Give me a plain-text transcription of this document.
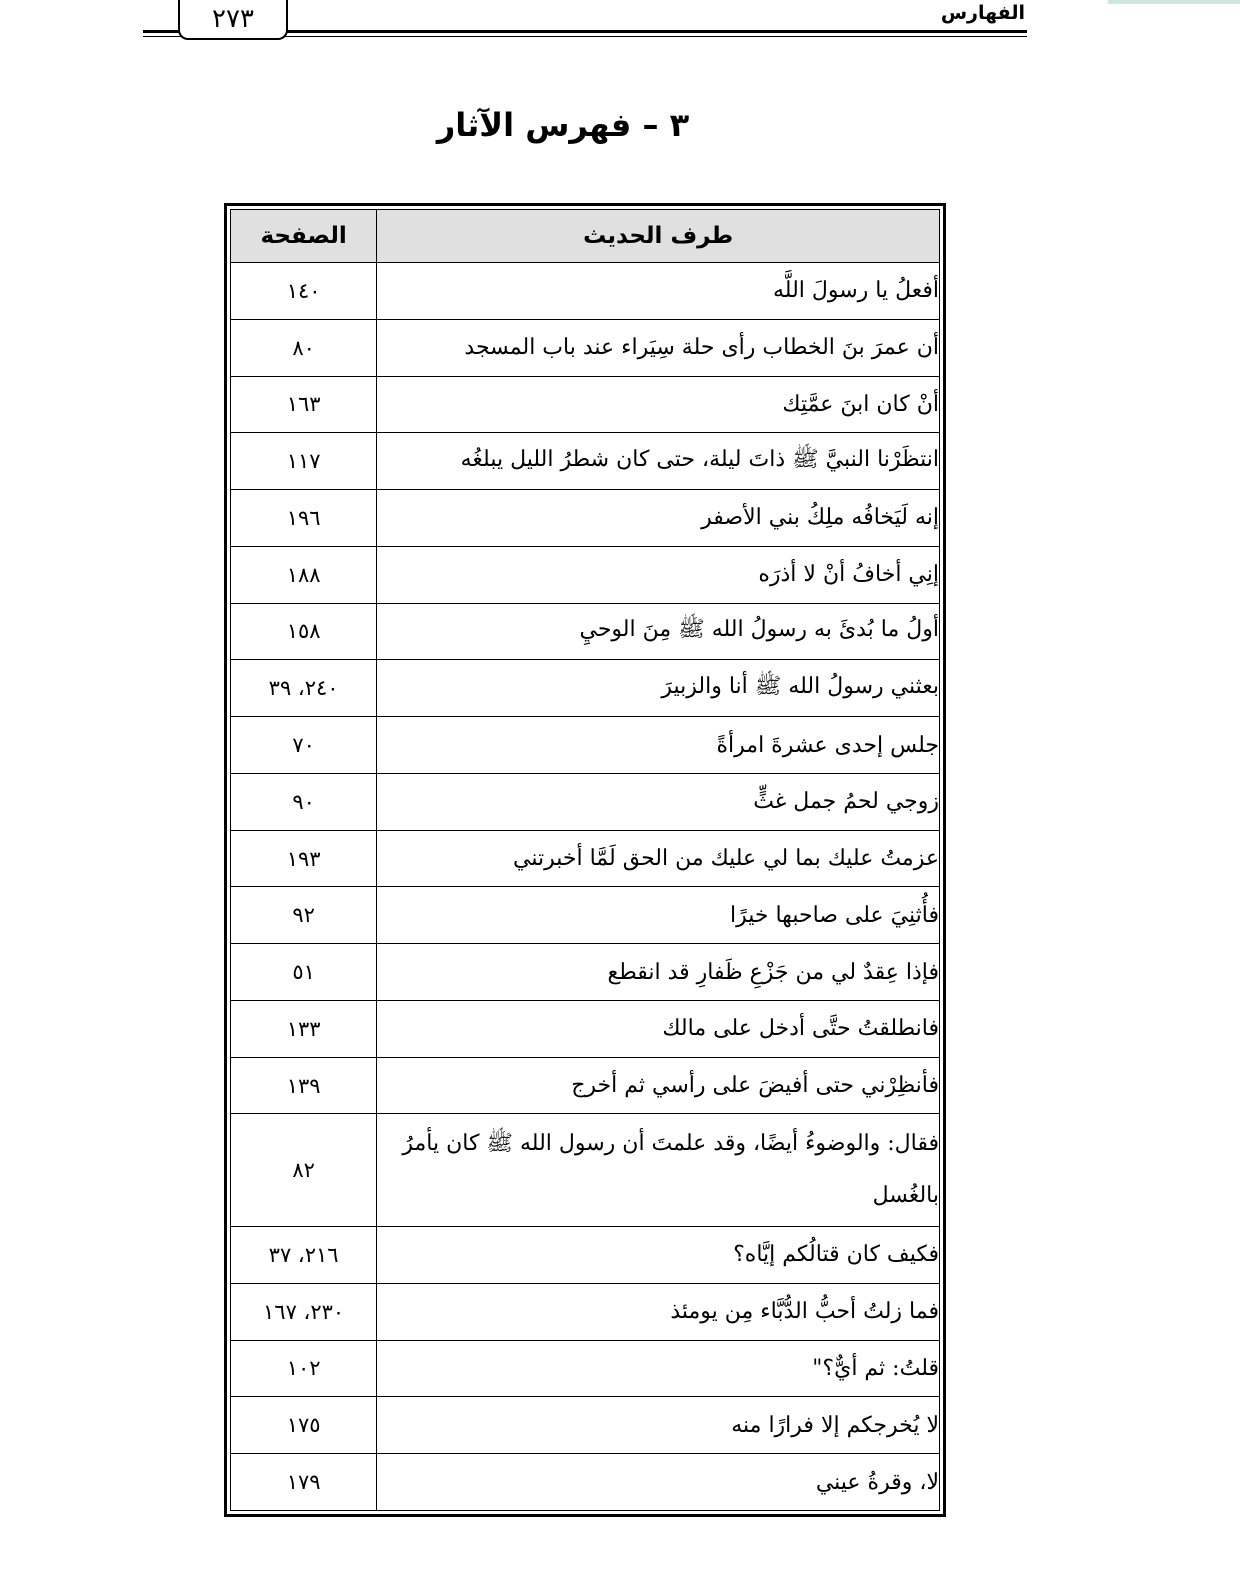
٢٧٣	الفهارس
٣ – فهرس الآثار
طرف الحديث	الصفحة
أفعلُ يا رسولَ اللَّه	١٤٠
أن عمرَ بنَ الخطاب رأى حلة سِيَراء عند باب المسجد	٨٠
أنْ كان ابنَ عمَّتِك	١٦٣
انتظَرْنا النبيَّ ﷺ ذاتَ ليلة، حتى كان شطرُ الليل يبلغُه	١١٧
إنه لَيَخافُه ملِكُ بني الأصفر	١٩٦
إنِي أخافُ أنْ لا أذرَه	١٨٨
أولُ ما بُدئَ به رسولُ الله ﷺ مِنَ الوحيِ	١٥٨
بعثني رسولُ الله ﷺ أنا والزبيرَ	٢٤٠، ٣٩
جلس إحدى عشرةَ امرأةً	٧٠
زوجي لحمُ جمل غثٍّ	٩٠
عزمتُ عليك بما لي عليك من الحق لَمَّا أخبرتني	١٩٣
فأُثنِيَ على صاحبها خيرًا	٩٢
فإذا عِقدٌ لي من جَزْعِ ظَفارِ قد انقطع	٥١
فانطلقتُ حتَّى أدخل على مالك	١٣٣
فأنظِرْني حتى أفيضَ على رأسي ثم أخرج	١٣٩
فقال: والوضوءُ أيضًا، وقد علمتَ أن رسول الله ﷺ كان يأمرُ بالغُسل	٨٢
فكيف كان قتالُكم إيَّاه؟	٢١٦، ٣٧
فما زلتُ أحبُّ الدُّبَّاء مِن يومئذ	٢٣٠، ١٦٧
قلتُ: ثم أيٌّ؟"	١٠٢
لا يُخرجكم إلا فرارًا منه	١٧٥
لا، وقرةُ عيني	١٧٩
